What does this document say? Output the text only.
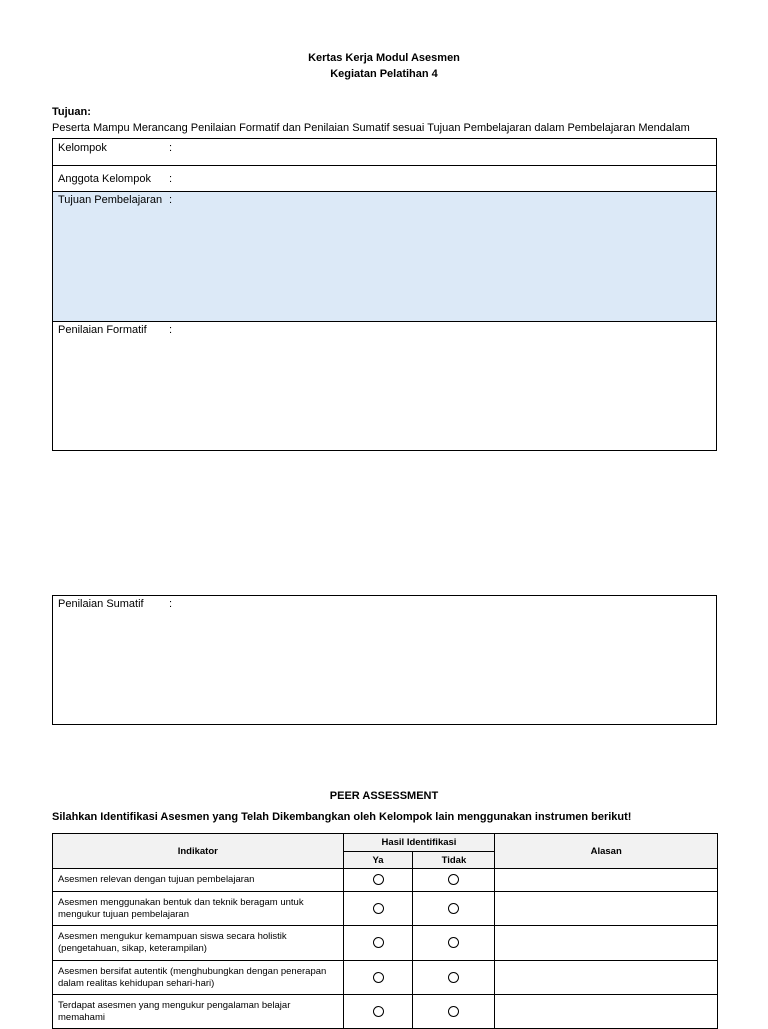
Kertas Kerja Modul Asesmen
Kegiatan Pelatihan 4
Tujuan:
Peserta Mampu Merancang Penilaian Formatif dan Penilaian Sumatif sesuai Tujuan Pembelajaran dalam Pembelajaran Mendalam
Kelompok	:
Anggota Kelompok :
Tujuan Pembelajaran :
Penilaian Formatif :
Penilaian Sumatif :
PEER ASSESSMENT
Silahkan Identifikasi Asesmen yang Telah Dikembangkan oleh Kelompok lain menggunakan instrumen berikut!
Indikator	Hasil Identifikasi		Alasan
	Ya	Tidak	
Asesmen relevan dengan tujuan pembelajaran			
Asesmen menggunakan bentuk dan teknik beragam untuk mengukur tujuan pembelajaran			
Asesmen mengukur kemampuan siswa secara holistik (pengetahuan, sikap, keterampilan)			
Asesmen bersifat autentik (menghubungkan dengan penerapan dalam realitas kehidupan sehari-hari)			
Terdapat asesmen yang mengukur pengalaman belajar memahami			
